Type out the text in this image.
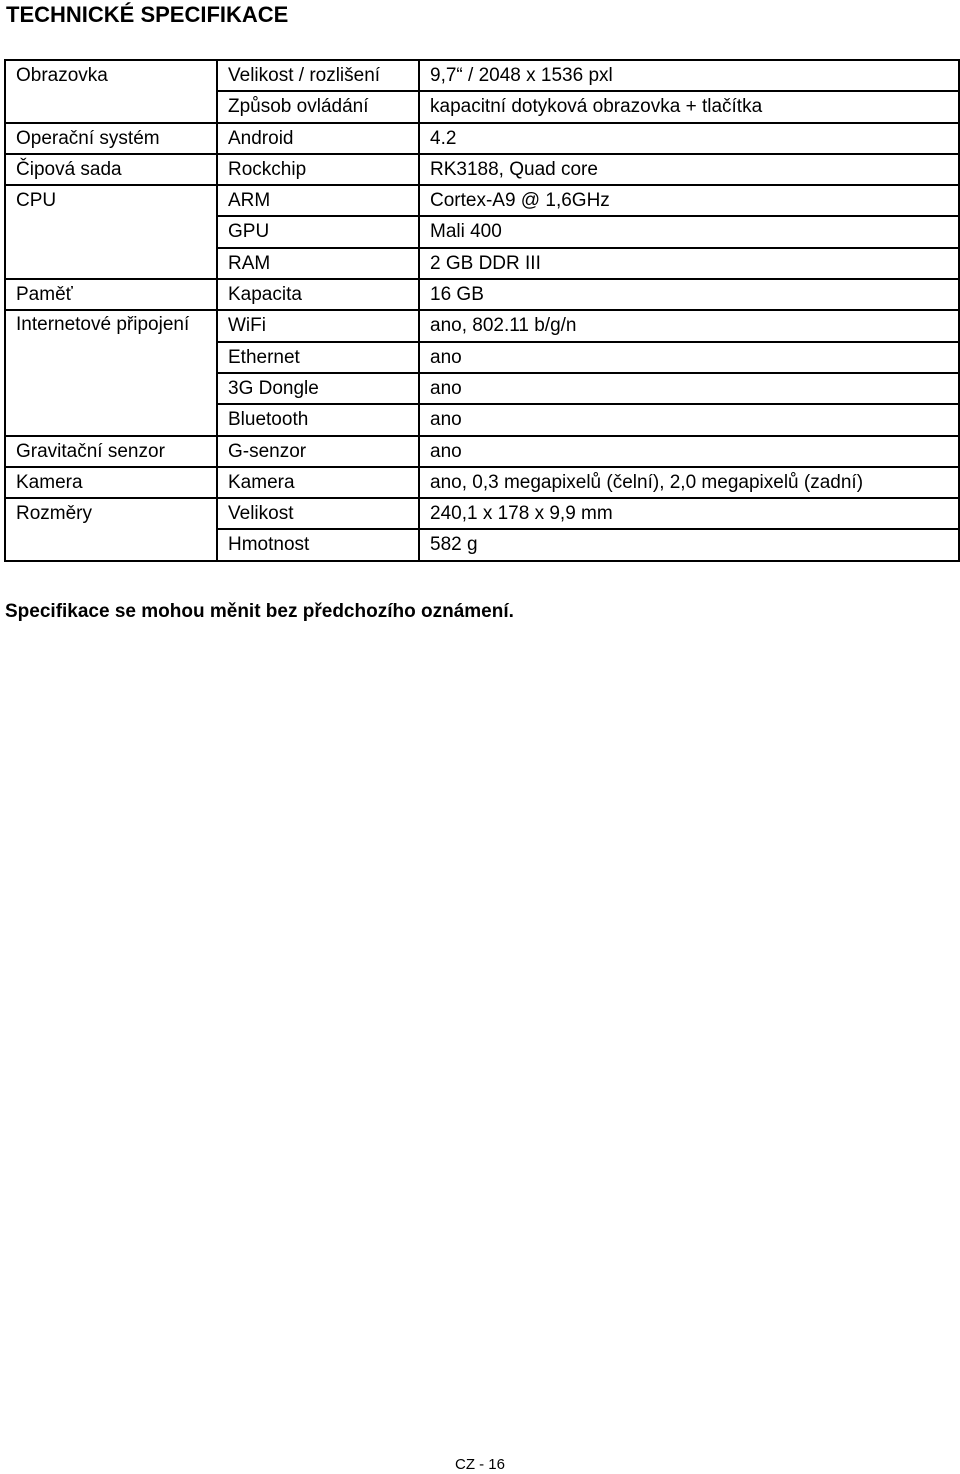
TECHNICKÉ SPECIFIKACE
Obrazovka	Velikost / rozlišení	9,7“ / 2048 x 1536 pxl
	Způsob ovládání	kapacitní dotyková obrazovka + tlačítka
Operační systém	Android	4.2
Čipová sada	Rockchip	RK3188, Quad core
CPU	ARM	Cortex-A9 @ 1,6GHz
	GPU	Mali 400
	RAM	2 GB DDR III
Paměť	Kapacita	16 GB
Internetové připojení	WiFi	ano, 802.11 b/g/n
	Ethernet	ano
	3G Dongle	ano
	Bluetooth	ano
Gravitační senzor	G-senzor	ano
Kamera	Kamera	ano, 0,3 megapixelů (čelní), 2,0 megapixelů (zadní)
Rozměry	Velikost	240,1 x 178 x 9,9 mm
	Hmotnost	582 g

Specifikace se mohou měnit bez předchozího oznámení.

CZ - 16
